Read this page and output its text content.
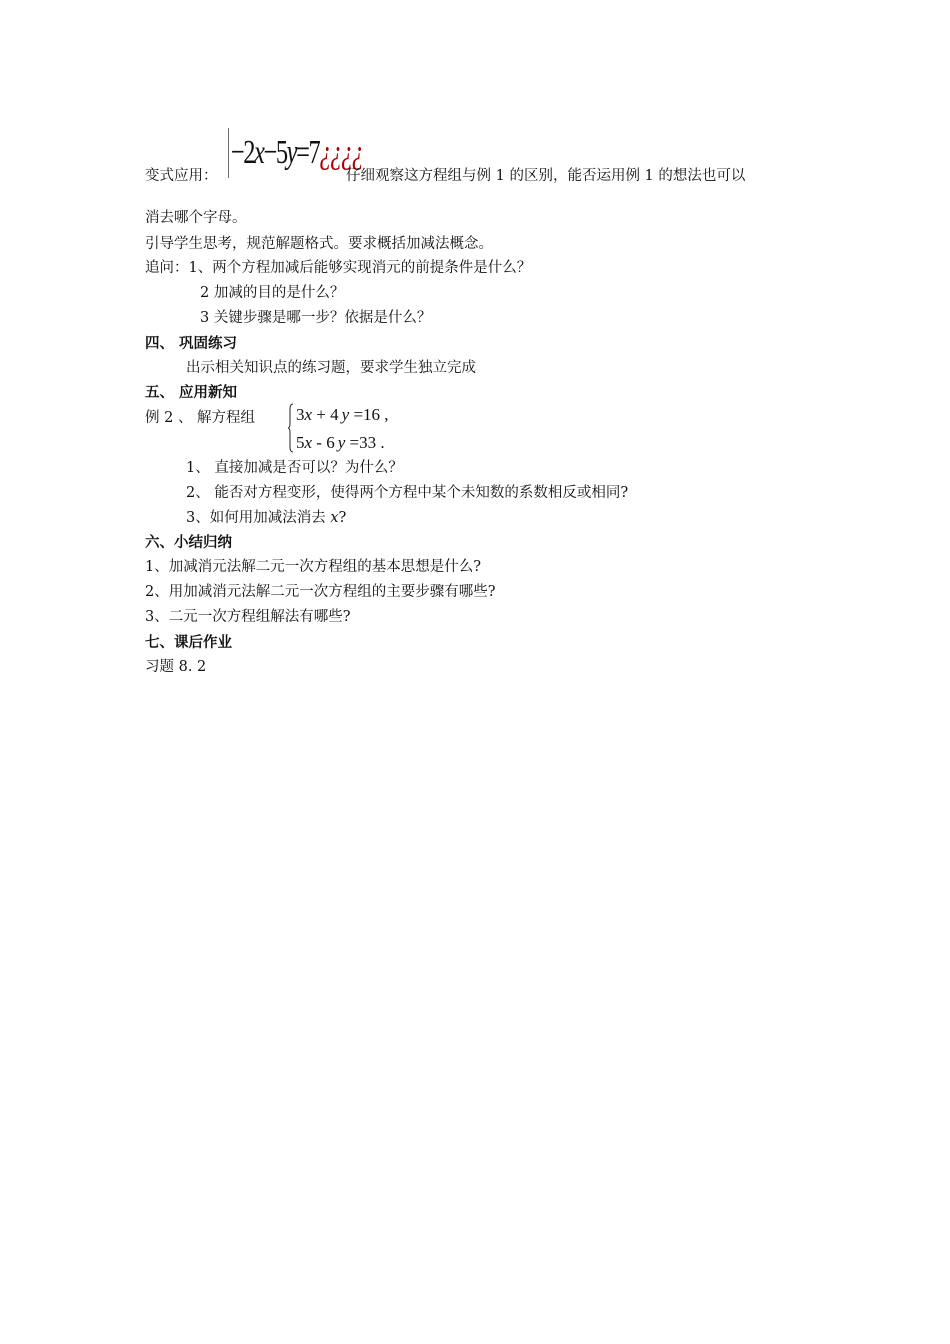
变式应用：
−2x−5y=7¿¿¿¿
仔细观察这方程组与例 1 的区别，能否运用例 1 的想法也可以
消去哪个字母。
引导学生思考，规范解题格式。要求概括加减法概念。
追问：1、两个方程加减后能够实现消元的前提条件是什么？
2 加减的目的是什么？
3 关键步骤是哪一步？依据是什么？
四、 巩固练习
出示相关知识点的练习题，要求学生独立完成
五、 应用新知
例 2 、 解方程组 3x + 4 y =16 ,
5x - 6 y =33 .
1、 直接加减是否可以？为什么？
2、 能否对方程变形，使得两个方程中某个未知数的系数相反或相同?
3、如何用加减法消去 x?
六、小结归纳
1、加减消元法解二元一次方程组的基本思想是什么?
2、用加减消元法解二元一次方程组的主要步骤有哪些?
3、二元一次方程组解法有哪些?
七、课后作业
习题 8. 2
